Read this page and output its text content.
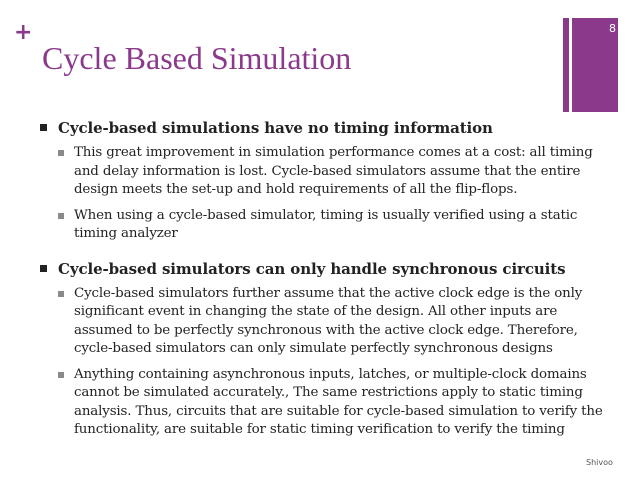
+
Cycle Based Simulation
8
Cycle-based simulations have no timing information
This great improvement in simulation performance comes at a cost: all timing and delay information is lost. Cycle-based simulators assume that the entire design meets the set-up and hold requirements of all the flip-flops.
When using a cycle-based simulator, timing is usually verified using a static timing analyzer
Cycle-based simulators can only handle synchronous circuits
Cycle-based simulators further assume that the active clock edge is the only significant event in changing the state of the design. All other inputs are assumed to be perfectly synchronous with the active clock edge. Therefore, cycle-based simulators can only simulate perfectly synchronous designs
Anything containing asynchronous inputs, latches, or multiple-clock domains cannot be simulated accurately., The same restrictions apply to static timing analysis. Thus, circuits that are suitable for cycle-based simulation to verify the functionality, are suitable for static timing verification to verify the timing
Shivoo
